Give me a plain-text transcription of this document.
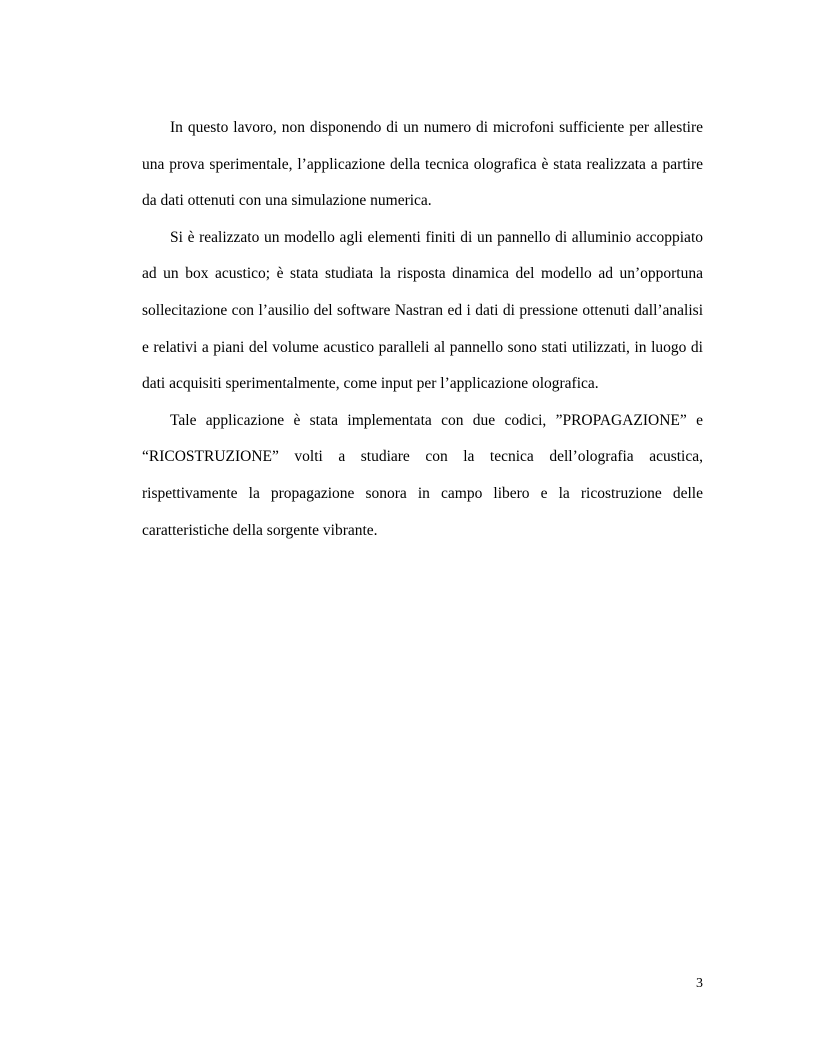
In questo lavoro, non disponendo di un numero di microfoni sufficiente per allestire una prova sperimentale, l’applicazione della tecnica olografica è stata realizzata a partire da dati ottenuti con una simulazione numerica.

Si è realizzato un modello agli elementi finiti di un pannello di alluminio accoppiato ad un box acustico; è stata studiata la risposta dinamica del modello ad un’opportuna sollecitazione con l’ausilio del software Nastran ed i dati di pressione ottenuti dall’analisi e relativi a piani del volume acustico paralleli al pannello sono stati utilizzati, in luogo di dati acquisiti sperimentalmente, come input per l’applicazione olografica.

Tale applicazione è stata implementata con due codici, ”PROPAGAZIONE” e “RICOSTRUZIONE” volti a studiare con la tecnica dell’olografia acustica, rispettivamente la propagazione sonora in campo libero e la ricostruzione delle caratteristiche della sorgente vibrante.

3
